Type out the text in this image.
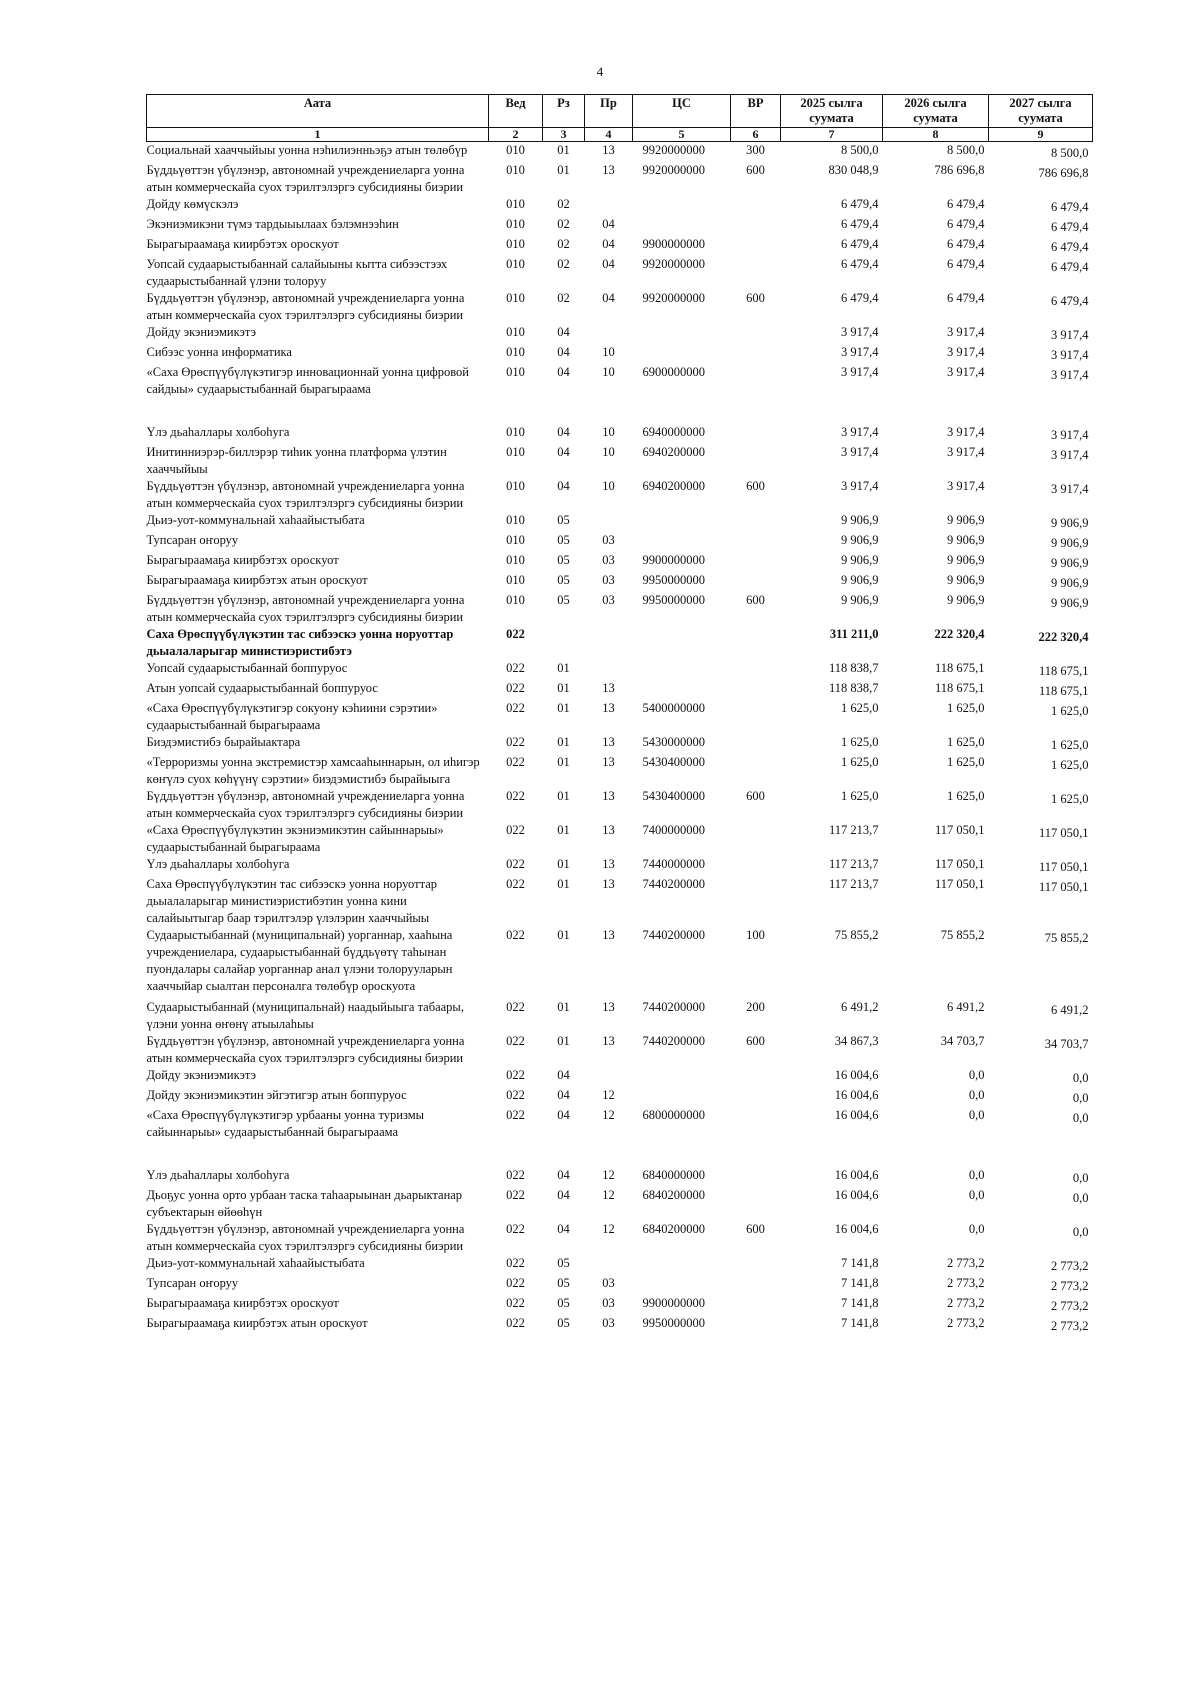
4
Аата	Вед	Рз	Пр	ЦС	ВР	2025 сылга суумата	2026 сылга суумата	2027 сылга суумата
1	2	3	4	5	6	7	8	9
Социальнай хааччыйыы уонна нэһилиэнньэҕэ атын төлөбүр	010	01	13	9920000000	300	8 500,0	8 500,0	8 500,0
Бүддьүөттэн үбүлэнэр, автономнай учреждениеларга уонна атын коммерческайа суох тэрилтэлэргэ субсидияны биэрии	010	01	13	9920000000	600	830 048,9	786 696,8	786 696,8
Дойду көмүскэлэ	010	02				6 479,4	6 479,4	6 479,4
Экэниэмикэни түмэ тардыыылаах бэлэмнээһин	010	02	04			6 479,4	6 479,4	6 479,4
Бырагыраамаҕа киирбэтэх ороскуот	010	02	04	9900000000		6 479,4	6 479,4	6 479,4
Уопсай судаарыстыбаннай салайыыны кытта сибээстээх судаарыстыбаннай үлэни толоруу	010	02	04	9920000000		6 479,4	6 479,4	6 479,4
Бүддьүөттэн үбүлэнэр, автономнай учреждениеларга уонна атын коммерческайа суох тэрилтэлэргэ субсидияны биэрии	010	02	04	9920000000	600	6 479,4	6 479,4	6 479,4
Дойду экэниэмикэтэ	010	04				3 917,4	3 917,4	3 917,4
Сибээс уонна информатика	010	04	10			3 917,4	3 917,4	3 917,4
«Саха Өрөспүүбүлүкэтигэр инновационнай уонна цифровой сайдыы» судаарыстыбаннай бырагыраама	010	04	10	6900000000		3 917,4	3 917,4	3 917,4
Үлэ дьаһаллары холбоһуга	010	04	10	6940000000		3 917,4	3 917,4	3 917,4
Инитинниэрэр-биллэрэр тиһик уонна платформа үлэтин хааччыйыы	010	04	10	6940200000		3 917,4	3 917,4	3 917,4
Бүддьүөттэн үбүлэнэр, автономнай учреждениеларга уонна атын коммерческайа суох тэрилтэлэргэ субсидияны биэрии	010	04	10	6940200000	600	3 917,4	3 917,4	3 917,4
Дьиэ-уот-коммунальнай хаһаайыстыбата	010	05				9 906,9	9 906,9	9 906,9
Тупсаран оҥоруу	010	05	03			9 906,9	9 906,9	9 906,9
Бырагыраамаҕа киирбэтэх ороскуот	010	05	03	9900000000		9 906,9	9 906,9	9 906,9
Бырагыраамаҕа киирбэтэх атын ороскуот	010	05	03	9950000000		9 906,9	9 906,9	9 906,9
Бүддьүөттэн үбүлэнэр, автономнай учреждениеларга уонна атын коммерческайа суох тэрилтэлэргэ субсидияны биэрии	010	05	03	9950000000	600	9 906,9	9 906,9	9 906,9
Саха Өрөспүүбүлүкэтин тас сибээскэ уонна норуоттар дьыалаларыгар министиэристибэтэ	022					311 211,0	222 320,4	222 320,4
Уопсай судаарыстыбаннай боппуруос	022	01				118 838,7	118 675,1	118 675,1
Атын уопсай судаарыстыбаннай боппуруос	022	01	13			118 838,7	118 675,1	118 675,1
«Саха Өрөспүүбүлүкэтигэр сокуону кэһиини сэрэтии» судаарыстыбаннай бырагыраама	022	01	13	5400000000		1 625,0	1 625,0	1 625,0
Биэдэмистибэ бырайыактара	022	01	13	5430000000		1 625,0	1 625,0	1 625,0
«Терроризмы уонна экстремистэр хамсааһыннарын, ол иһигэр көҥүлэ суох көһүүнү сэрэтии» биэдэмистибэ бырайыыга	022	01	13	5430400000		1 625,0	1 625,0	1 625,0
Бүддьүөттэн үбүлэнэр, автономнай учреждениеларга уонна атын коммерческайа суох тэрилтэлэргэ субсидияны биэрии	022	01	13	5430400000	600	1 625,0	1 625,0	1 625,0
«Саха Өрөспүүбүлүкэтин экэниэмикэтин сайыннарыы» судаарыстыбаннай бырагыраама	022	01	13	7400000000		117 213,7	117 050,1	117 050,1
Үлэ дьаһаллары холбоһуга	022	01	13	7440000000		117 213,7	117 050,1	117 050,1
Саха Өрөспүүбүлүкэтин тас сибээскэ уонна норуоттар дьыалаларыгар министиэристибэтин уонна кини салайыытыгар баар тэрилтэлэр үлэлэрин хааччыйыы	022	01	13	7440200000		117 213,7	117 050,1	117 050,1
Судаарыстыбаннай (муниципальнай) уорганнар, хааһына учреждениелара, судаарыстыбаннай бүддьүөтү таһынан пуондалары салайар уорганнар анал үлэни толорууларын хааччыйар сыалтан персоналга төлөбүр ороскуота	022	01	13	7440200000	100	75 855,2	75 855,2	75 855,2
Судаарыстыбаннай (муниципальнай) наадыйыыга табаары, үлэни уонна өҥөнү атыылаһыы	022	01	13	7440200000	200	6 491,2	6 491,2	6 491,2
Бүддьүөттэн үбүлэнэр, автономнай учреждениеларга уонна атын коммерческайа суох тэрилтэлэргэ субсидияны биэрии	022	01	13	7440200000	600	34 867,3	34 703,7	34 703,7
Дойду экэниэмикэтэ	022	04				16 004,6	0,0	0,0
Дойду экэниэмикэтин эйгэтигэр атын боппуруос	022	04	12			16 004,6	0,0	0,0
«Саха Өрөспүүбүлүкэтигэр урбааны уонна туризмы сайыннарыы» судаарыстыбаннай бырагыраама	022	04	12	6800000000		16 004,6	0,0	0,0
Үлэ дьаһаллары холбоһуга	022	04	12	6840000000		16 004,6	0,0	0,0
Дьоҕус уонна орто урбаан таска таһаарыынан дьарыктанар субъектарын өйөөһүн	022	04	12	6840200000		16 004,6	0,0	0,0
Бүддьүөттэн үбүлэнэр, автономнай учреждениеларга уонна атын коммерческайа суох тэрилтэлэргэ субсидияны биэрии	022	04	12	6840200000	600	16 004,6	0,0	0,0
Дьиэ-уот-коммунальнай хаһаайыстыбата	022	05				7 141,8	2 773,2	2 773,2
Тупсаран оҥоруу	022	05	03			7 141,8	2 773,2	2 773,2
Бырагыраамаҕа киирбэтэх ороскуот	022	05	03	9900000000		7 141,8	2 773,2	2 773,2
Бырагыраамаҕа киирбэтэх атын ороскуот	022	05	03	9950000000		7 141,8	2 773,2	2 773,2
